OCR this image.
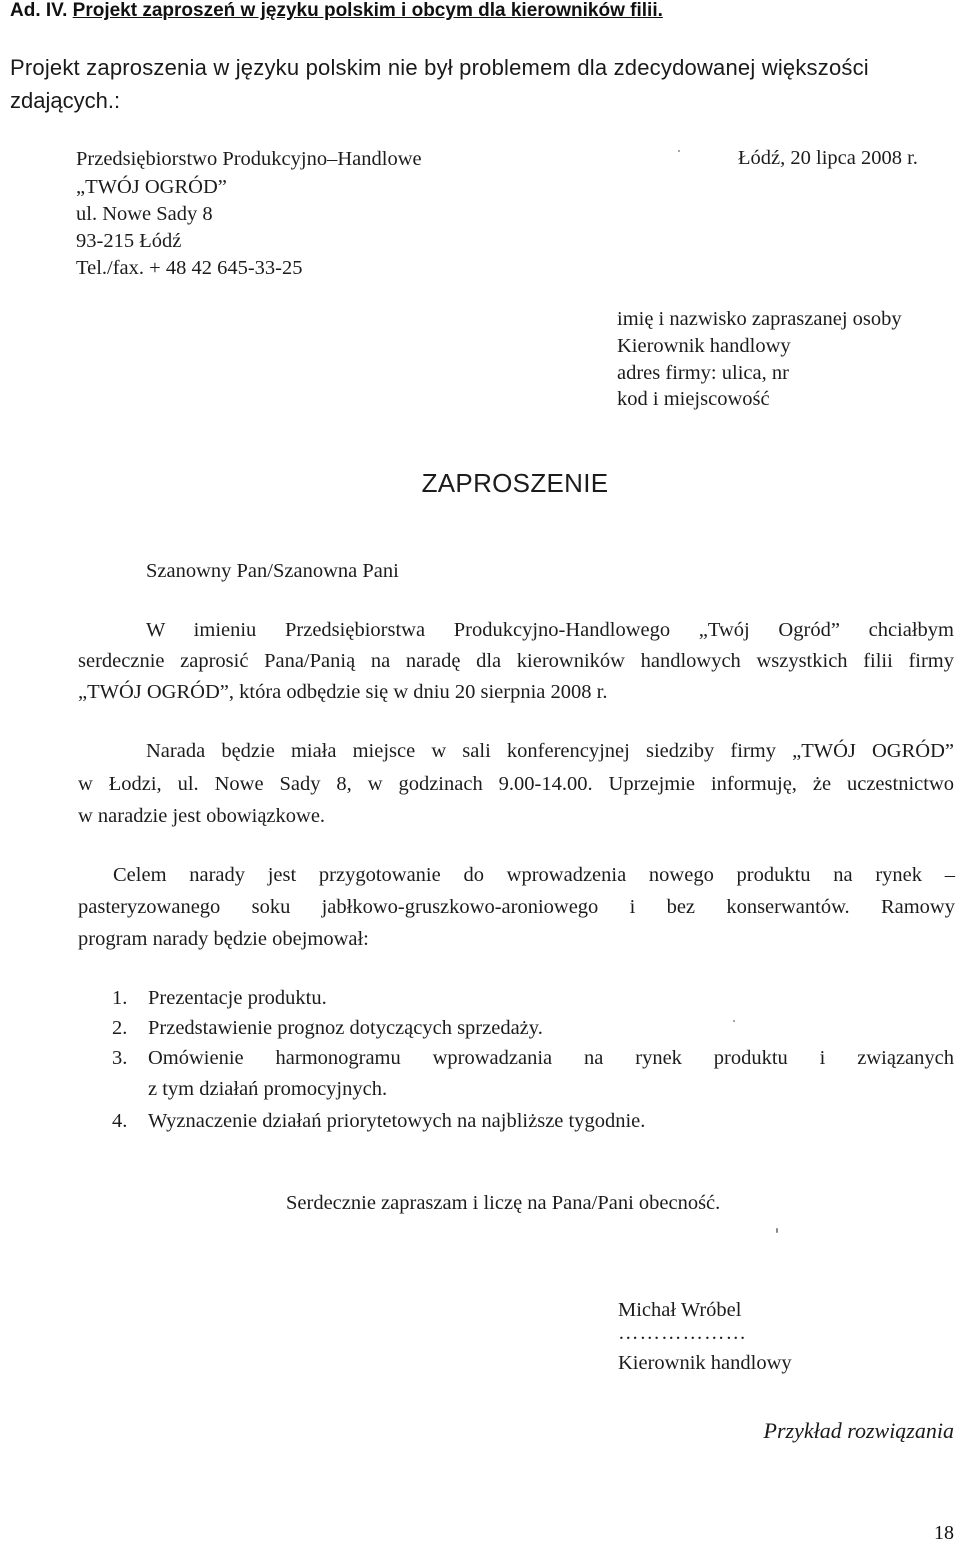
Ad. IV. Projekt zaproszeń w języku polskim i obcym dla kierowników filii.
Projekt zaproszenia w języku polskim nie był problemem dla zdecydowanej większości
zdających.:
Przedsiębiorstwo Produkcyjno–Handlowe
„TWÓJ OGRÓD”
ul. Nowe Sady 8
93-215 Łódź
Tel./fax. + 48 42 645-33-25
Łódź, 20 lipca 2008 r.
imię i nazwisko zapraszanej osoby
Kierownik handlowy
adres firmy: ulica, nr
kod i miejscowość
ZAPROSZENIE
Szanowny Pan/Szanowna Pani
W imieniu Przedsiębiorstwa Produkcyjno-Handlowego „Twój Ogród” chciałbym
serdecznie zaprosić Pana/Panią na naradę dla kierowników handlowych wszystkich filii firmy
„TWÓJ OGRÓD”, która odbędzie się w dniu 20 sierpnia 2008 r.
Narada będzie miała miejsce w sali konferencyjnej siedziby firmy „TWÓJ OGRÓD”
w Łodzi, ul. Nowe Sady 8, w godzinach 9.00-14.00. Uprzejmie informuję, że uczestnictwo
w naradzie jest obowiązkowe.
Celem narady jest przygotowanie do wprowadzenia nowego produktu na rynek –
pasteryzowanego soku jabłkowo-gruszkowo-aroniowego i bez konserwantów. Ramowy
program narady będzie obejmował:
1. Prezentacje produktu.
2. Przedstawienie prognoz dotyczących sprzedaży.
3. Omówienie harmonogramu wprowadzania na rynek produktu i związanych
z tym działań promocyjnych.
4. Wyznaczenie działań priorytetowych na najbliższe tygodnie.
Serdecznie zapraszam i liczę na Pana/Pani obecność.
Michał Wróbel
………………
Kierownik handlowy
Przykład rozwiązania
18
